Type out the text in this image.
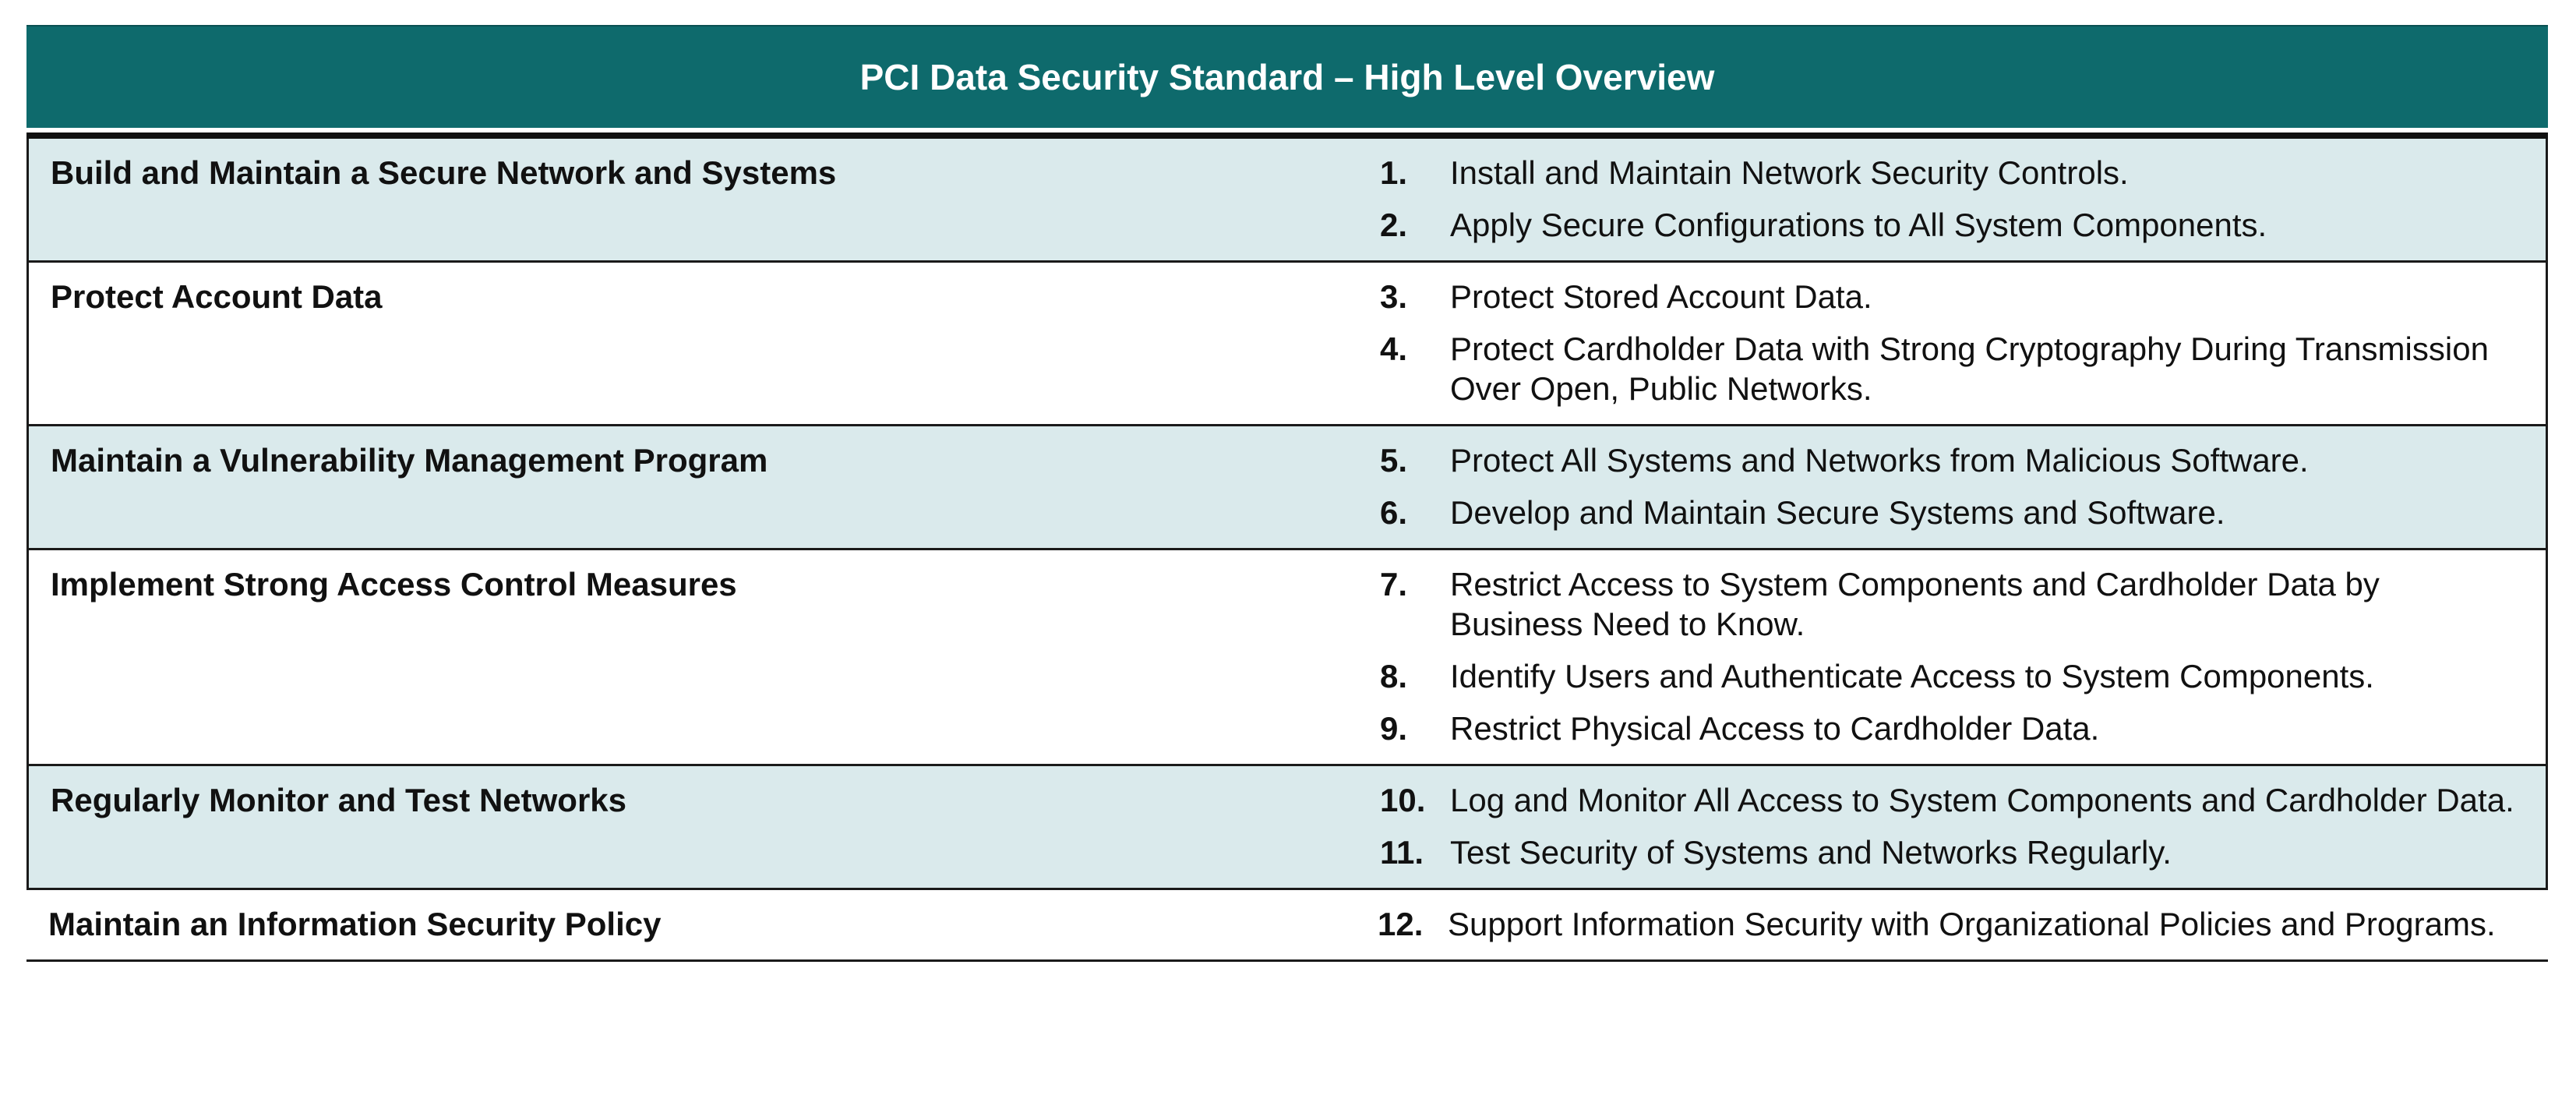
PCI Data Security Standard – High Level Overview
Build and Maintain a Secure Network and Systems	1.	Install and Maintain Network Security Controls.
2.	Apply Secure Configurations to All System Components.
Protect Account Data	3.	Protect Stored Account Data.
4.	Protect Cardholder Data with Strong Cryptography During Transmission Over Open, Public Networks.
Maintain a Vulnerability Management Program	5.	Protect All Systems and Networks from Malicious Software.
6.	Develop and Maintain Secure Systems and Software.
Implement Strong Access Control Measures	7.	Restrict Access to System Components and Cardholder Data by Business Need to Know.
8.	Identify Users and Authenticate Access to System Components.
9.	Restrict Physical Access to Cardholder Data.
Regularly Monitor and Test Networks	10. Log and Monitor All Access to System Components and Cardholder Data.
11. Test Security of Systems and Networks Regularly.
Maintain an Information Security Policy	12. Support Information Security with Organizational Policies and Programs.
